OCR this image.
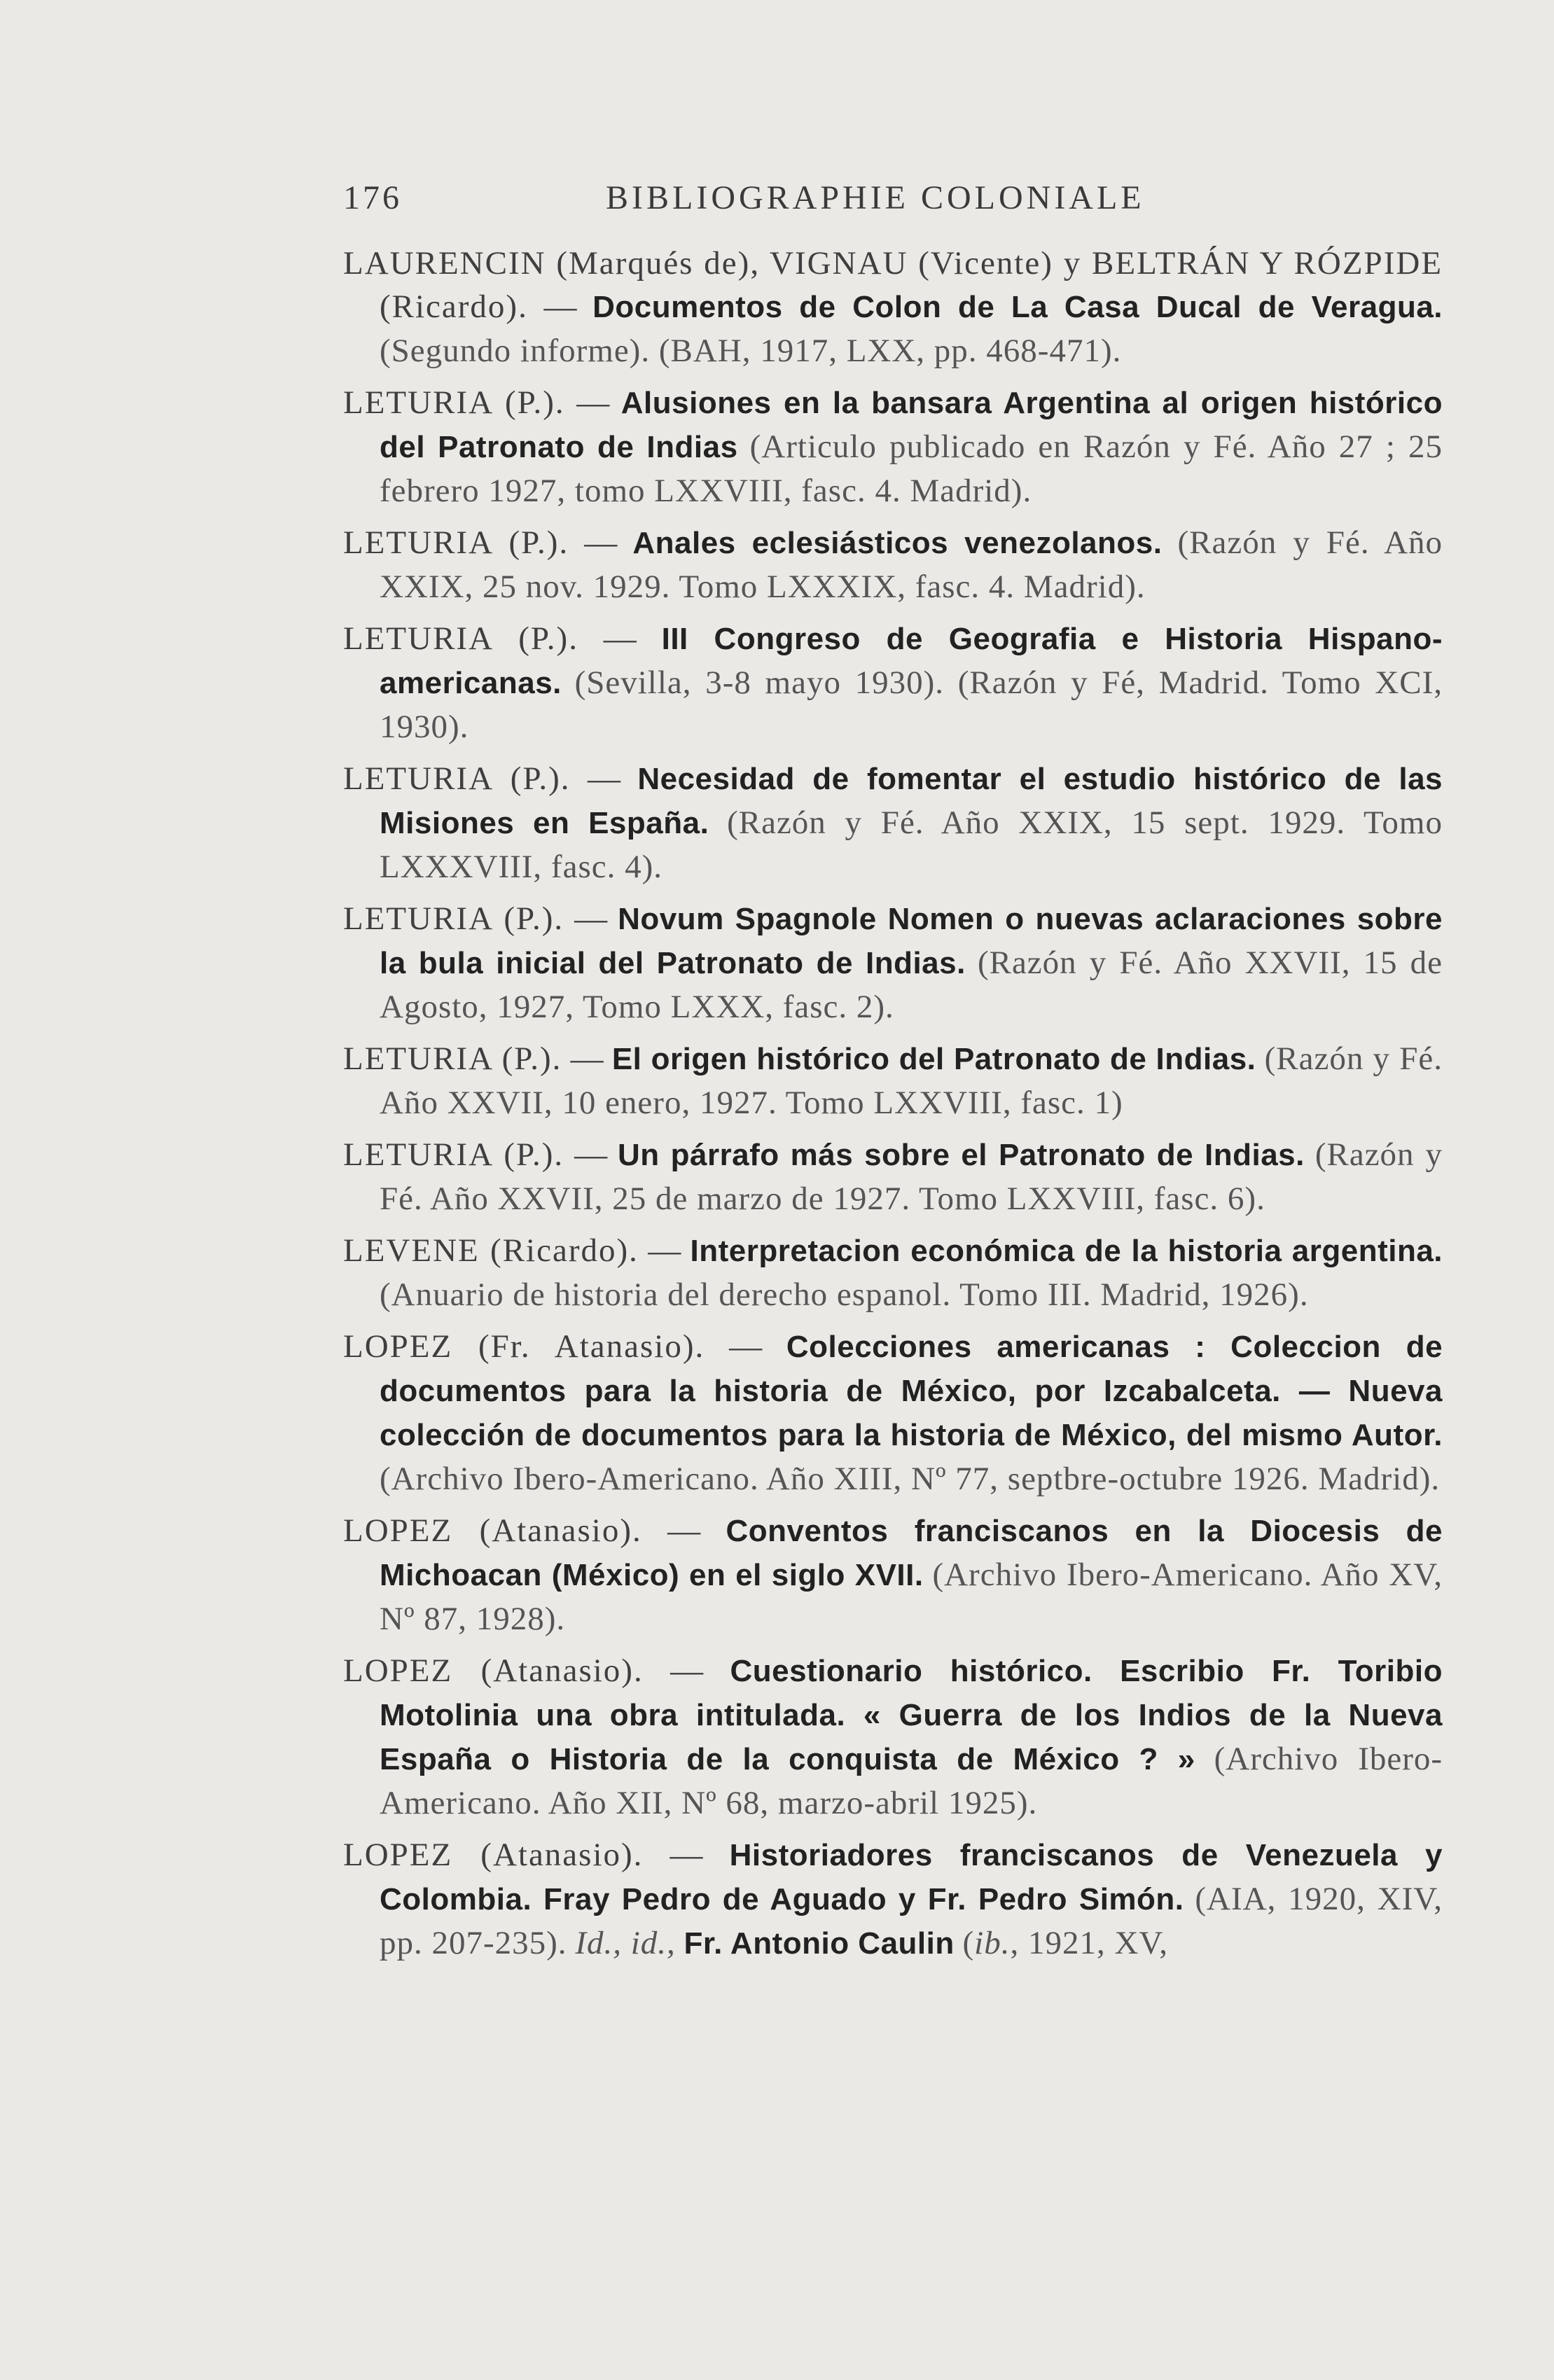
176	BIBLIOGRAPHIE COLONIALE

LAURENCIN (Marqués de), VIGNAU (Vicente) y BELTRÁN Y RÓZPIDE (Ricardo). — Documentos de Colon de La Casa Ducal de Veragua. (Segundo informe). (BAH, 1917, LXX, pp. 468-471).

LETURIA (P.). — Alusiones en la bansara Argentina al origen histórico del Patronato de Indias (Articulo publicado en Razón y Fé. Año 27 ; 25 febrero 1927, tomo LXXVIII, fasc. 4. Madrid).

LETURIA (P.). — Anales eclesiásticos venezolanos. (Razón y Fé. Año XXIX, 25 nov. 1929. Tomo LXXXIX, fasc. 4. Madrid).

LETURIA (P.). — III Congreso de Geografia e Historia Hispano-americanas. (Sevilla, 3-8 mayo 1930). (Razón y Fé, Madrid. Tomo XCI, 1930).

LETURIA (P.). — Necesidad de fomentar el estudio histórico de las Misiones en España. (Razón y Fé. Año XXIX, 15 sept. 1929. Tomo LXXXVIII, fasc. 4).

LETURIA (P.). — Novum Spagnole Nomen o nuevas aclaraciones sobre la bula inicial del Patronato de Indias. (Razón y Fé. Año XXVII, 15 de Agosto, 1927, Tomo LXXX, fasc. 2).

LETURIA (P.). — El origen histórico del Patronato de Indias. (Razón y Fé. Año XXVII, 10 enero, 1927. Tomo LXXVIII, fasc. 1)

LETURIA (P.). — Un párrafo más sobre el Patronato de Indias. (Razón y Fé. Año XXVII, 25 de marzo de 1927. Tomo LXXVIII, fasc. 6).

LEVENE (Ricardo). — Interpretacion económica de la historia argentina. (Anuario de historia del derecho espanol. Tomo III. Madrid, 1926).

LOPEZ (Fr. Atanasio). — Colecciones americanas : Coleccion de documentos para la historia de México, por Izcabalceta. — Nueva colección de documentos para la historia de México, del mismo Autor. (Archivo Ibero-Americano. Año XIII, Nº 77, septbre-octubre 1926. Madrid).

LOPEZ (Atanasio). — Conventos franciscanos en la Diocesis de Michoacan (México) en el siglo XVII. (Archivo Ibero-Americano. Año XV, Nº 87, 1928).

LOPEZ (Atanasio). — Cuestionario histórico. Escribio Fr. Toribio Motolinia una obra intitulada. « Guerra de los Indios de la Nueva España o Historia de la conquista de México ? » (Archivo Ibero-Americano. Año XII, Nº 68, marzo-abril 1925).

LOPEZ (Atanasio). — Historiadores franciscanos de Venezuela y Colombia. Fray Pedro de Aguado y Fr. Pedro Simón. (AIA, 1920, XIV, pp. 207-235). Id., id., Fr. Antonio Caulin (ib., 1921, XV,
